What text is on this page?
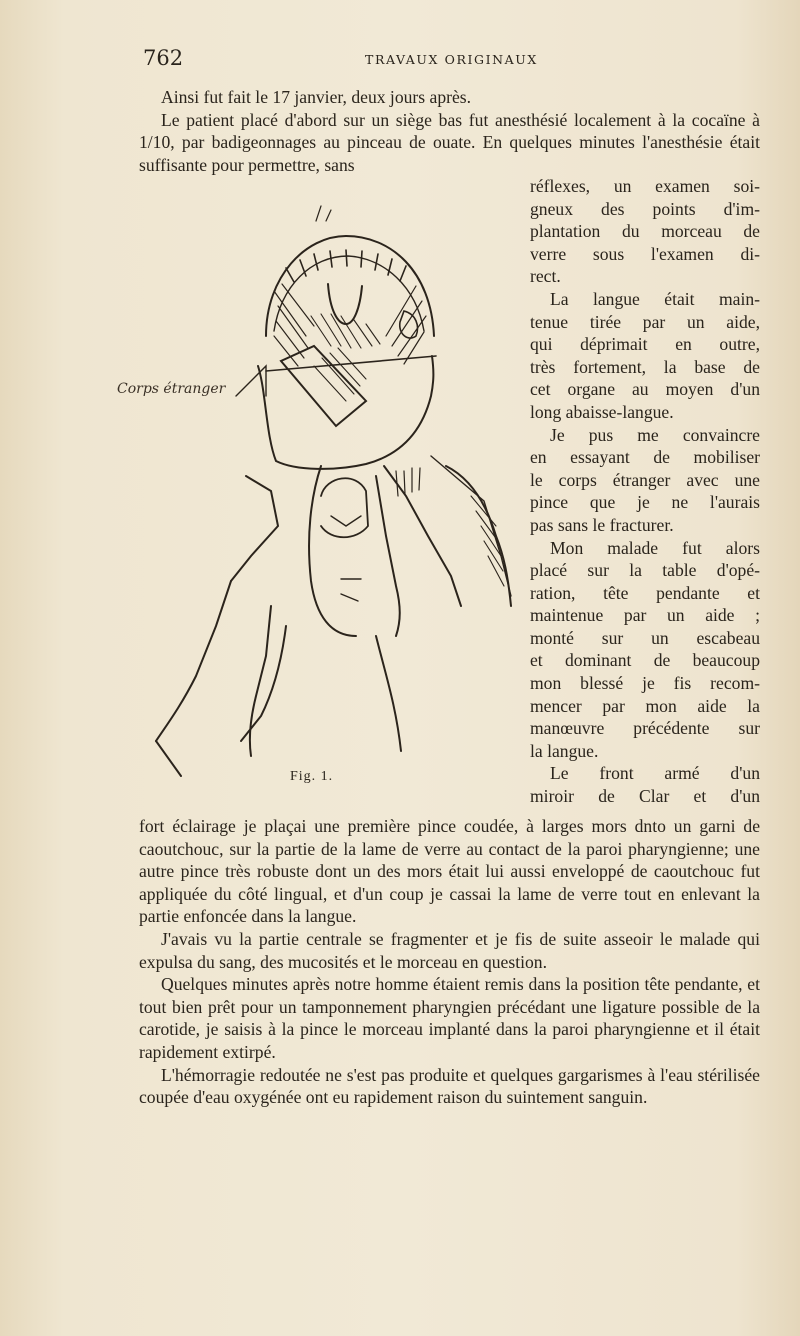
762	TRAVAUX ORIGINAUX

Ainsi fut fait le 17 janvier, deux jours après.

Le patient placé d'abord sur un siège bas fut anesthésié localement à la cocaïne à 1/10, par badigeonnages au pinceau de ouate. En quelques minutes l'anesthésie était suffisante pour permettre, sans

réflexes, un examen soi-
gneux des points d'im-
plantation du morceau de
verre sous l'examen di-
rect.
La langue était main-
tenue tirée par un aide,
qui déprimait en outre,
très fortement, la base de
cet organe au moyen d'un
long abaisse-langue.
Je pus me convaincre
en essayant de mobiliser
le corps étranger avec une
pince que je ne l'aurais
pas sans le fracturer.
Mon malade fut alors
placé sur la table d'opé-
ration, tête pendante et
maintenue par un aide ;
monté sur un escabeau
et dominant de beaucoup
mon blessé je fis recom-
mencer par mon aide la
manœuvre précédente sur
la langue.
Le front armé d'un
miroir de Clar et d'un
Corps étranger
Fig. 1.

fort éclairage je plaçai une première pince coudée, à larges mors dnto un garni de caoutchouc, sur la partie de la lame de verre au contact de la paroi pharyngienne; une autre pince très robuste dont un des mors était lui aussi enveloppé de caoutchouc fut appliquée du côté lingual, et d'un coup je cassai la lame de verre tout en enlevant la partie enfoncée dans la langue.

J'avais vu la partie centrale se fragmenter et je fis de suite asseoir le malade qui expulsa du sang, des mucosités et le morceau en question.

Quelques minutes après notre homme étaient remis dans la position tête pendante, et tout bien prêt pour un tamponnement pharyngien précédant une ligature possible de la carotide, je saisis à la pince le morceau implanté dans la paroi pharyngienne et il était rapidement extirpé.

L'hémorragie redoutée ne s'est pas produite et quelques gargarismes à l'eau stérilisée coupée d'eau oxygénée ont eu rapidement raison du suintement sanguin.
